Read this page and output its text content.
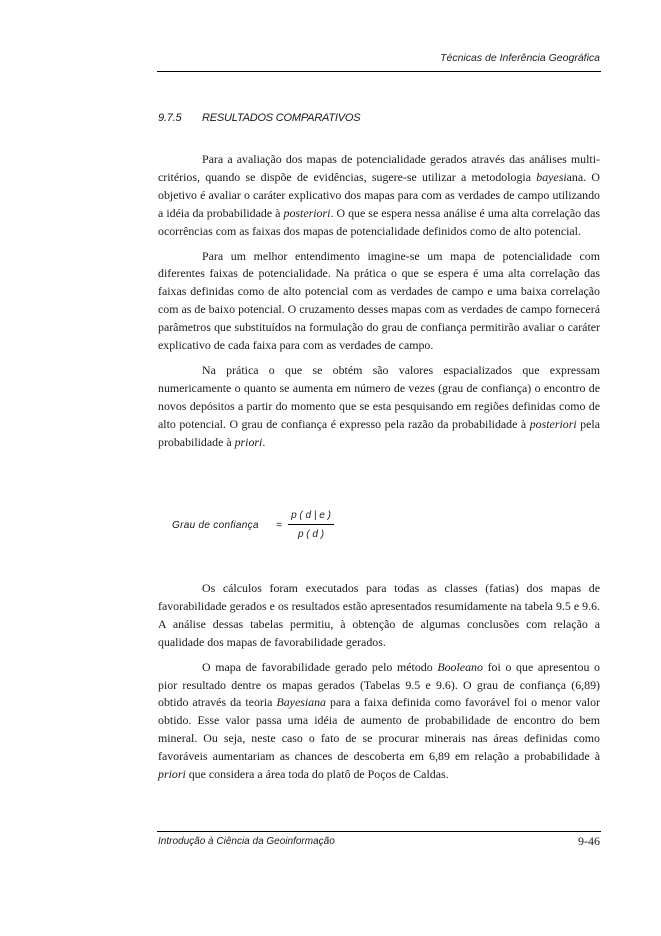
Técnicas de Inferência Geográfica
9.7.5 RESULTADOS COMPARATIVOS

Para a avaliação dos mapas de potencialidade gerados através das análises multi-critérios, quando se dispõe de evidências, sugere-se utilizar a metodologia bayesiana. O objetivo é avaliar o caráter explicativo dos mapas para com as verdades de campo utilizando a idéia da probabilidade à posteriori. O que se espera nessa análise é uma alta correlação das ocorrências com as faixas dos mapas de potencialidade definidos como de alto potencial.

Para um melhor entendimento imagine-se um mapa de potencialidade com diferentes faixas de potencialidade. Na prática o que se espera é uma alta correlação das faixas definidas como de alto potencial com as verdades de campo e uma baixa correlação com as de baixo potencial. O cruzamento desses mapas com as verdades de campo fornecerá parâmetros que substituídos na formulação do grau de confiança permitirão avaliar o caráter explicativo de cada faixa para com as verdades de campo.

Na prática o que se obtém são valores espacializados que expressam numericamente o quanto se aumenta em número de vezes (grau de confiança) o encontro de novos depósitos a partir do momento que se esta pesquisando em regiões definidas como de alto potencial. O grau de confiança é expresso pela razão da probabilidade à posteriori pela probabilidade à priori.

Grau de confiança =
p ( d | e )
p ( d )

Os cálculos foram executados para todas as classes (fatias) dos mapas de favorabilidade gerados e os resultados estão apresentados resumidamente na tabela 9.5 e 9.6. A análise dessas tabelas permitiu, à obtenção de algumas conclusões com relação a qualidade dos mapas de favorabilidade gerados.

O mapa de favorabilidade gerado pelo método Booleano foi o que apresentou o pior resultado dentre os mapas gerados (Tabelas 9.5 e 9.6). O grau de confiança (6,89) obtido através da teoria Bayesiana para a faixa definida como favorável foi o menor valor obtido. Esse valor passa uma idéia de aumento de probabilidade de encontro do bem mineral. Ou seja, neste caso o fato de se procurar minerais nas áreas definidas como favoráveis aumentariam as chances de descoberta em 6,89 em relação a probabilidade à priori que considera a área toda do platô de Poços de Caldas.

Introdução à Ciência da Geoinformação	9-46
